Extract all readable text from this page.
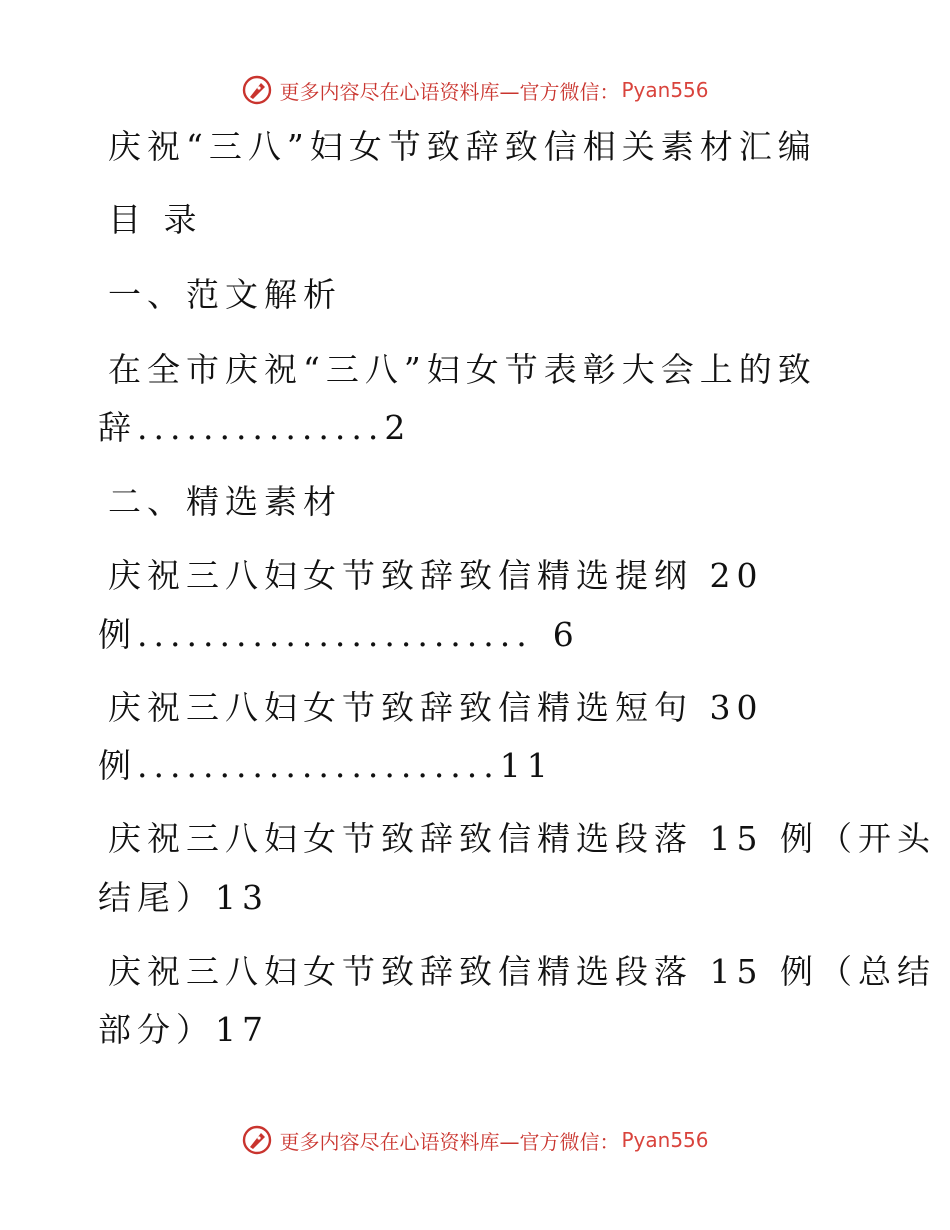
更多内容尽在心语资料库—官方微信： Pyan556
庆祝“三八”妇女节致辞致信相关素材汇编
目 录
一、范文解析
在全市庆祝“三八”妇女节表彰大会上的致
辞...............2
二、精选素材
庆祝三八妇女节致辞致信精选提纲 20
例........................ 6
庆祝三八妇女节致辞致信精选短句 30
例......................11
庆祝三八妇女节致辞致信精选段落 15 例（开头
结尾）13
庆祝三八妇女节致辞致信精选段落 15 例（总结
部分）17
更多内容尽在心语资料库—官方微信： Pyan556
